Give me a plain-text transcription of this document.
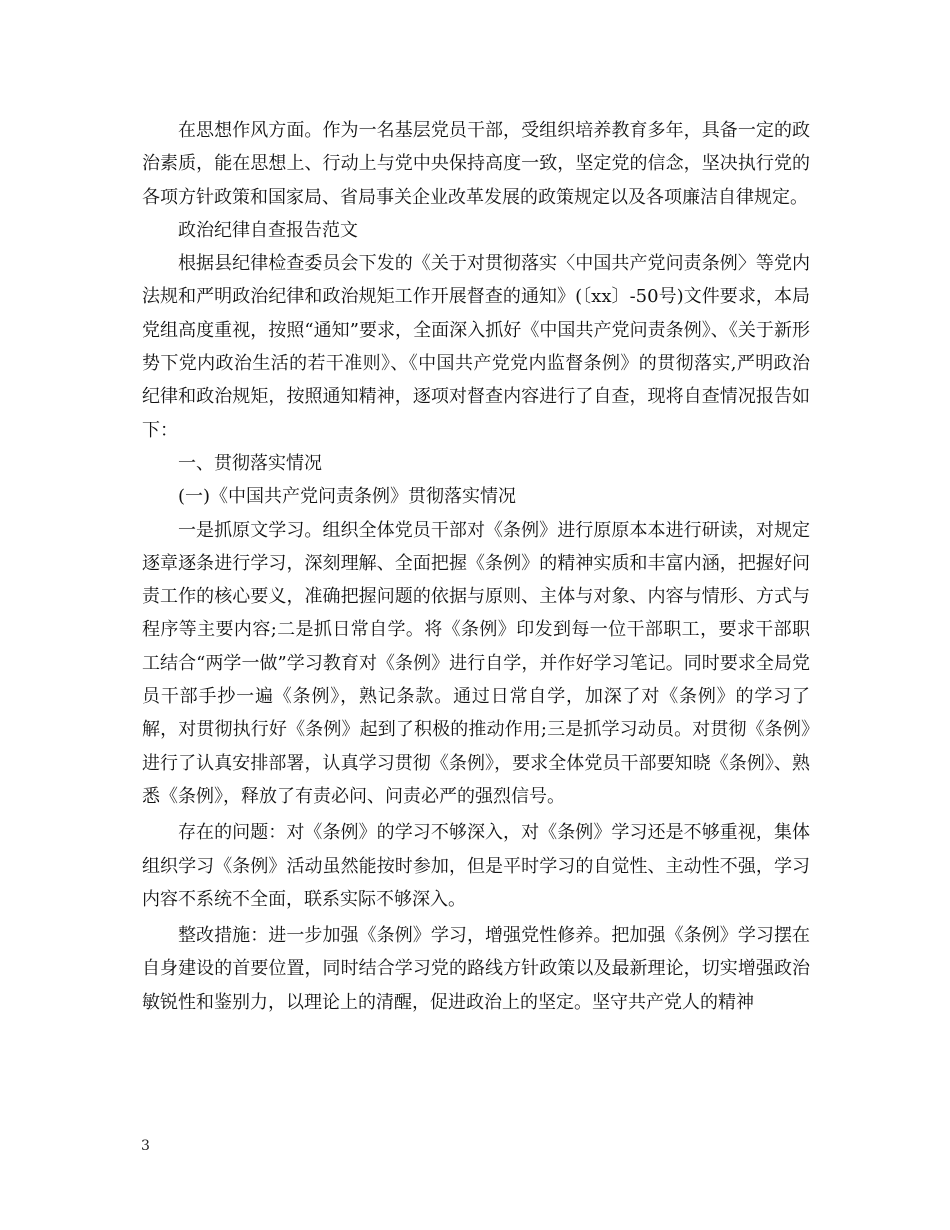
在思想作风方面。作为一名基层党员干部，受组织培养教育多年，具备一定的政治素质，能在思想上、行动上与党中央保持高度一致，坚定党的信念，坚决执行党的各项方针政策和国家局、省局事关企业改革发展的政策规定以及各项廉洁自律规定。

政治纪律自查报告范文

根据县纪律检查委员会下发的《关于对贯彻落实〈中国共产党问责条例〉等党内法规和严明政治纪律和政治规矩工作开展督查的通知》(〔xx〕-50号)文件要求，本局党组高度重视，按照“通知”要求，全面深入抓好《中国共产党问责条例》、《关于新形势下党内政治生活的若干准则》、《中国共产党党内监督条例》的贯彻落实,严明政治纪律和政治规矩，按照通知精神，逐项对督查内容进行了自查，现将自查情况报告如下：

一、贯彻落实情况

(一)《中国共产党问责条例》贯彻落实情况

一是抓原文学习。组织全体党员干部对《条例》进行原原本本进行研读，对规定逐章逐条进行学习，深刻理解、全面把握《条例》的精神实质和丰富内涵，把握好问责工作的核心要义，准确把握问题的依据与原则、主体与对象、内容与情形、方式与程序等主要内容;二是抓日常自学。将《条例》印发到每一位干部职工，要求干部职工结合“两学一做”学习教育对《条例》进行自学，并作好学习笔记。同时要求全局党员干部手抄一遍《条例》，熟记条款。通过日常自学，加深了对《条例》的学习了解，对贯彻执行好《条例》起到了积极的推动作用;三是抓学习动员。对贯彻《条例》进行了认真安排部署，认真学习贯彻《条例》，要求全体党员干部要知晓《条例》、熟悉《条例》，释放了有责必问、问责必严的强烈信号。

存在的问题：对《条例》的学习不够深入，对《条例》学习还是不够重视，集体组织学习《条例》活动虽然能按时参加，但是平时学习的自觉性、主动性不强，学习内容不系统不全面，联系实际不够深入。

整改措施：进一步加强《条例》学习，增强党性修养。把加强《条例》学习摆在自身建设的首要位置，同时结合学习党的路线方针政策以及最新理论，切实增强政治敏锐性和鉴别力，以理论上的清醒，促进政治上的坚定。坚守共产党人的精神

3
